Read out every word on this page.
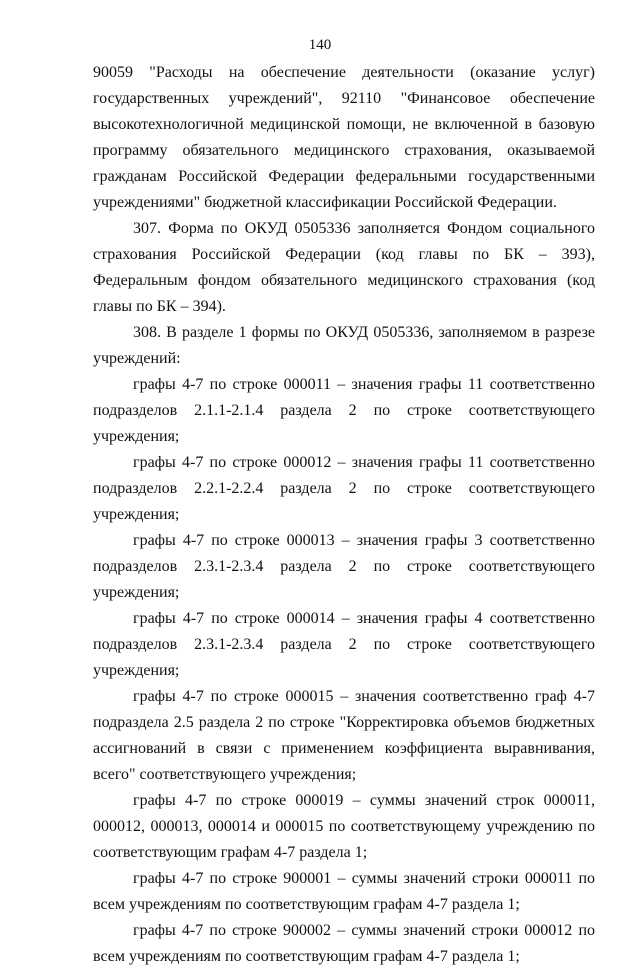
140

90059 "Расходы на обеспечение деятельности (оказание услуг) государственных учреждений", 92110 "Финансовое обеспечение высокотехнологичной медицинской помощи, не включенной в базовую программу обязательного медицинского страхования, оказываемой гражданам Российской Федерации федеральными государственными учреждениями" бюджетной классификации Российской Федерации.

307. Форма по ОКУД 0505336 заполняется Фондом социального страхования Российской Федерации (код главы по БК – 393), Федеральным фондом обязательного медицинского страхования (код главы по БК – 394).

308. В разделе 1 формы по ОКУД 0505336, заполняемом в разрезе учреждений:

графы 4-7 по строке 000011 – значения графы 11 соответственно подразделов 2.1.1-2.1.4 раздела 2 по строке соответствующего учреждения;

графы 4-7 по строке 000012 – значения графы 11 соответственно подразделов 2.2.1-2.2.4 раздела 2 по строке соответствующего учреждения;

графы 4-7 по строке 000013 – значения графы 3 соответственно подразделов 2.3.1-2.3.4 раздела 2 по строке соответствующего учреждения;

графы 4-7 по строке 000014 – значения графы 4 соответственно подразделов 2.3.1-2.3.4 раздела 2 по строке соответствующего учреждения;

графы 4-7 по строке 000015 – значения соответственно граф 4-7 подраздела 2.5 раздела 2 по строке "Корректировка объемов бюджетных ассигнований в связи с применением коэффициента выравнивания, всего" соответствующего учреждения;

графы 4-7 по строке 000019 – суммы значений строк 000011, 000012, 000013, 000014 и 000015 по соответствующему учреждению по соответствующим графам 4-7 раздела 1;

графы 4-7 по строке 900001 – суммы значений строки 000011 по всем учреждениям по соответствующим графам 4-7 раздела 1;

графы 4-7 по строке 900002 – суммы значений строки 000012 по всем учреждениям по соответствующим графам 4-7 раздела 1;
